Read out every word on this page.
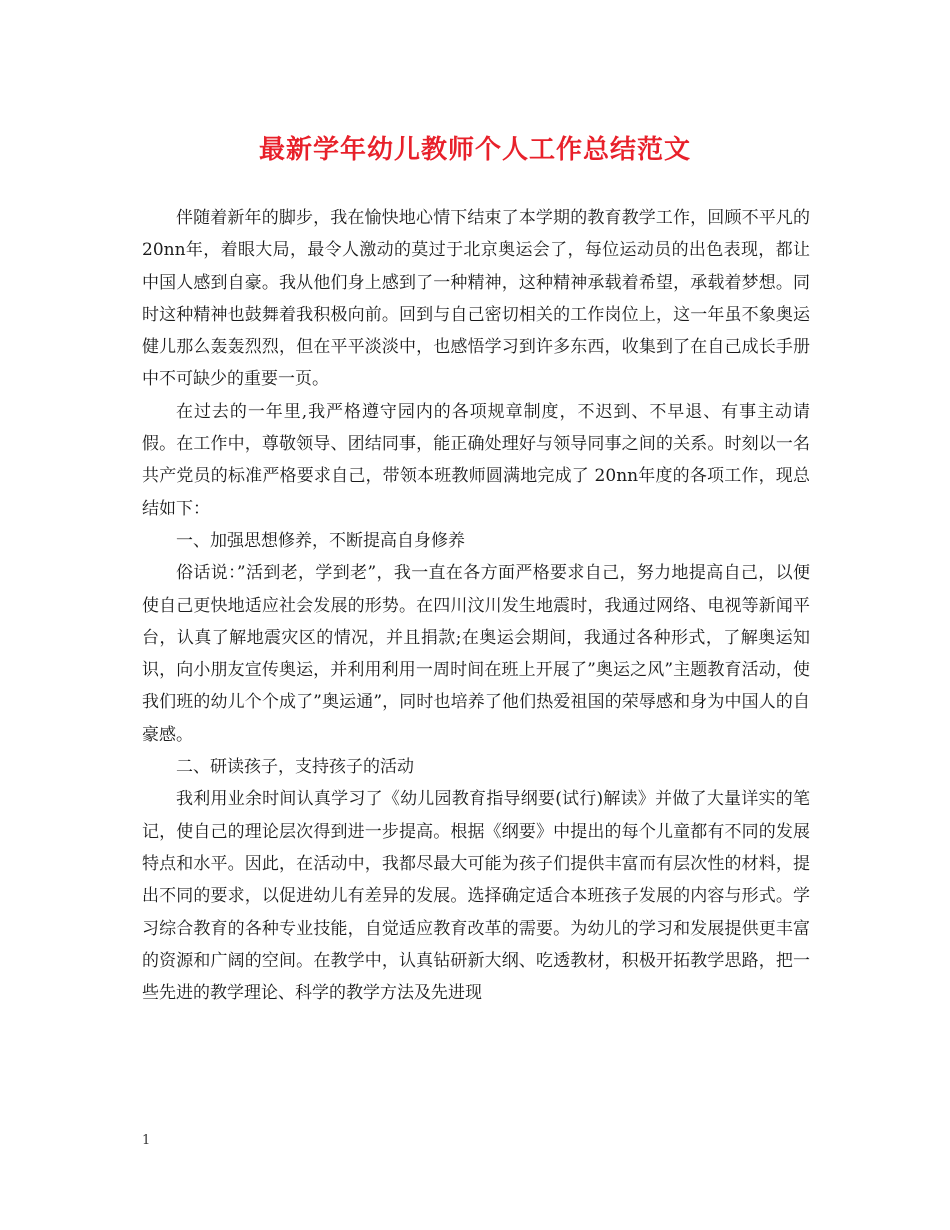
最新学年幼儿教师个人工作总结范文

伴随着新年的脚步，我在愉快地心情下结束了本学期的教育教学工作，回顾不平凡的20nn年，着眼大局，最令人激动的莫过于北京奥运会了，每位运动员的出色表现，都让中国人感到自豪。我从他们身上感到了一种精神，这种精神承载着希望，承载着梦想。同时这种精神也鼓舞着我积极向前。回到与自己密切相关的工作岗位上，这一年虽不象奥运健儿那么轰轰烈烈，但在平平淡淡中，也感悟学习到许多东西，收集到了在自己成长手册中不可缺少的重要一页。

在过去的一年里,我严格遵守园内的各项规章制度，不迟到、不早退、有事主动请假。在工作中，尊敬领导、团结同事，能正确处理好与领导同事之间的关系。时刻以一名共产党员的标准严格要求自己，带领本班教师圆满地完成了 20nn年度的各项工作，现总结如下：

一、加强思想修养，不断提高自身修养

俗话说：”活到老，学到老”，我一直在各方面严格要求自己，努力地提高自己，以便使自己更快地适应社会发展的形势。在四川汶川发生地震时，我通过网络、电视等新闻平台，认真了解地震灾区的情况，并且捐款;在奥运会期间，我通过各种形式，了解奥运知识，向小朋友宣传奥运，并利用利用一周时间在班上开展了”奥运之风”主题教育活动，使我们班的幼儿个个成了”奥运通”，同时也培养了他们热爱祖国的荣辱感和身为中国人的自豪感。

二、研读孩子，支持孩子的活动

我利用业余时间认真学习了《幼儿园教育指导纲要(试行)解读》并做了大量详实的笔记，使自己的理论层次得到进一步提高。根据《纲要》中提出的每个儿童都有不同的发展特点和水平。因此，在活动中，我都尽最大可能为孩子们提供丰富而有层次性的材料，提出不同的要求，以促进幼儿有差异的发展。选择确定适合本班孩子发展的内容与形式。学习综合教育的各种专业技能，自觉适应教育改革的需要。为幼儿的学习和发展提供更丰富的资源和广阔的空间。在教学中，认真钻研新大纲、吃透教材，积极开拓教学思路，把一些先进的教学理论、科学的教学方法及先进现

1
